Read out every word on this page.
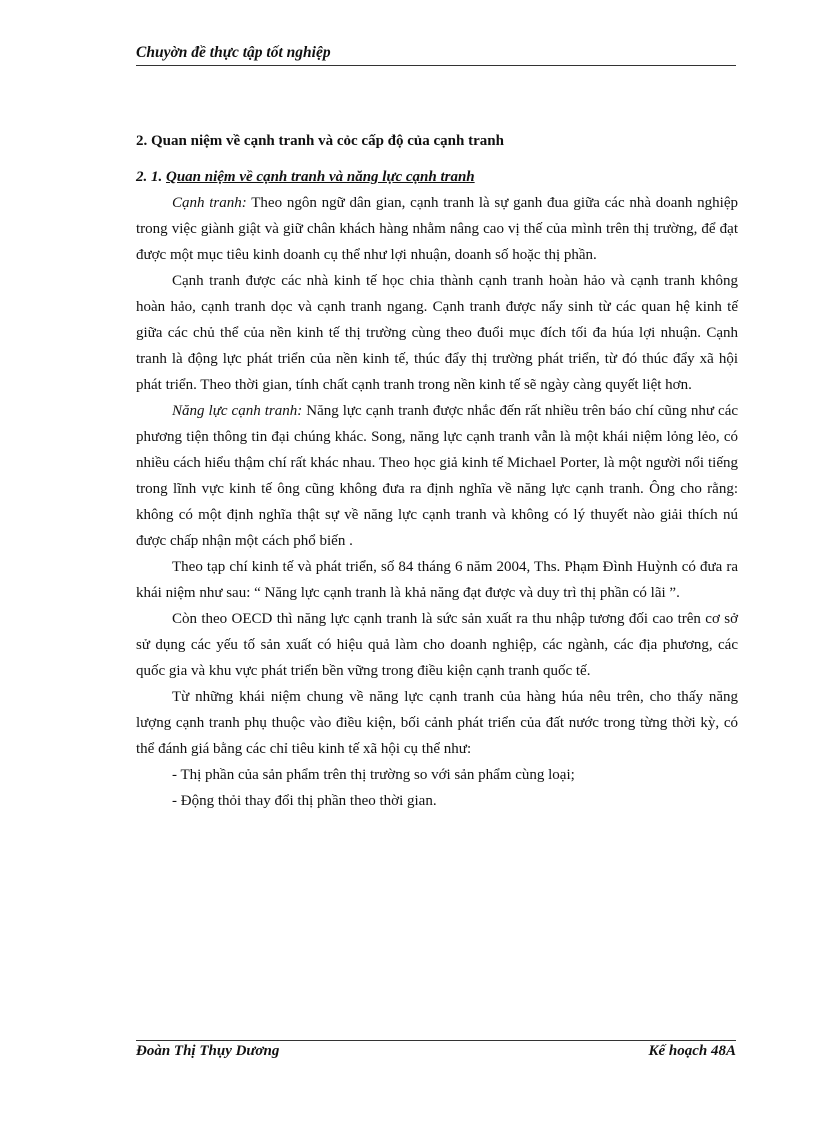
Chuyờn đề thực tập tốt nghiệp

2. Quan niệm về cạnh tranh và cỏc cấp độ của cạnh tranh

2. 1. Quan niệm về cạnh tranh và năng lực cạnh tranh

Cạnh tranh: Theo ngôn ngữ dân gian, cạnh tranh là sự ganh đua giữa các nhà doanh nghiệp trong việc giành giật và giữ chân khách hàng nhằm nâng cao vị thế của mình trên thị trường, để đạt được một mục tiêu kinh doanh cụ thể như lợi nhuận, doanh số hoặc thị phần.

Cạnh tranh được các nhà kinh tế học chia thành cạnh tranh hoàn hảo và cạnh tranh không hoàn hảo, cạnh tranh dọc và cạnh tranh ngang. Cạnh tranh được nẩy sinh từ các quan hệ kinh tế giữa các chủ thể của nền kinh tế thị trường cùng theo đuổi mục đích tối đa húa lợi nhuận. Cạnh tranh là động lực phát triển của nền kinh tế, thúc đẩy thị trường phát triển, từ đó thúc đẩy xã hội phát triển. Theo thời gian, tính chất cạnh tranh trong nền kinh tế sẽ ngày càng quyết liệt hơn.

Năng lực cạnh tranh: Năng lực cạnh tranh được nhắc đến rất nhiều trên báo chí cũng như các phương tiện thông tin đại chúng khác. Song, năng lực cạnh tranh vẫn là một khái niệm lỏng lẻo, có nhiều cách hiểu thậm chí rất khác nhau. Theo học giả kinh tế Michael Porter, là một người nổi tiếng trong lĩnh vực kinh tế ông cũng không đưa ra định nghĩa về năng lực cạnh tranh. Ông cho rằng: không có một định nghĩa thật sự về năng lực cạnh tranh và không có lý thuyết nào giải thích nú được chấp nhận một cách phổ biến .

Theo tạp chí kinh tế và phát triển, số 84 tháng 6 năm 2004, Ths. Phạm Đình Huỳnh có đưa ra khái niệm như sau: “ Năng lực cạnh tranh là khả năng đạt được và duy trì thị phần có lãi ”.

Còn theo OECD thì năng lực cạnh tranh là sức sản xuất ra thu nhập tương đối cao trên cơ sở sử dụng các yếu tố sản xuất có hiệu quả làm cho doanh nghiệp, các ngành, các địa phương, các quốc gia và khu vực phát triển bền vững trong điều kiện cạnh tranh quốc tế.

Từ những khái niệm chung về năng lực cạnh tranh của hàng húa nêu trên, cho thấy năng lượng cạnh tranh phụ thuộc vào điều kiện, bối cảnh phát triển của đất nước trong từng thời kỳ, có thể đánh giá bằng các chỉ tiêu kinh tế xã hội cụ thể như:

- Thị phần của sản phẩm trên thị trường so với sản phẩm cùng loại;

- Động thỏi thay đổi thị phần theo thời gian.

Đoàn Thị Thụy Dương	Kế hoạch 48A
